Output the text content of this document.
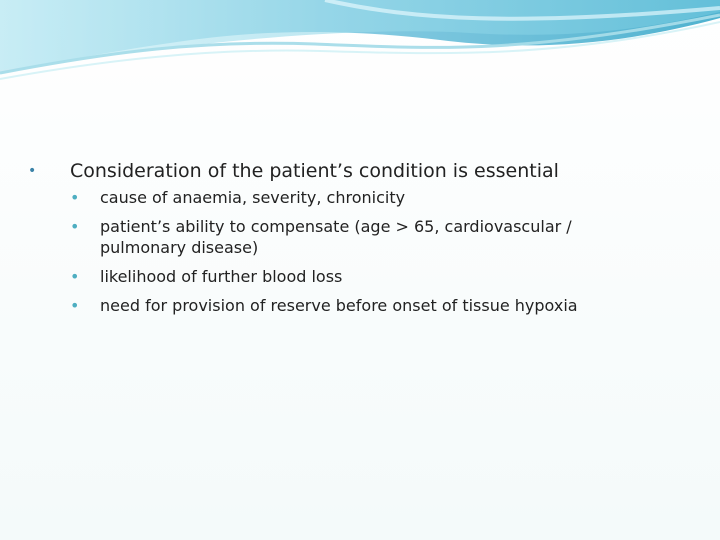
•	Consideration of the patient’s condition is essential
•	cause of anaemia, severity, chronicity
•	patient’s ability to compensate (age > 65, cardiovascular / pulmonary disease)
•	likelihood of further blood loss
•	need for provision of reserve before onset of tissue hypoxia
